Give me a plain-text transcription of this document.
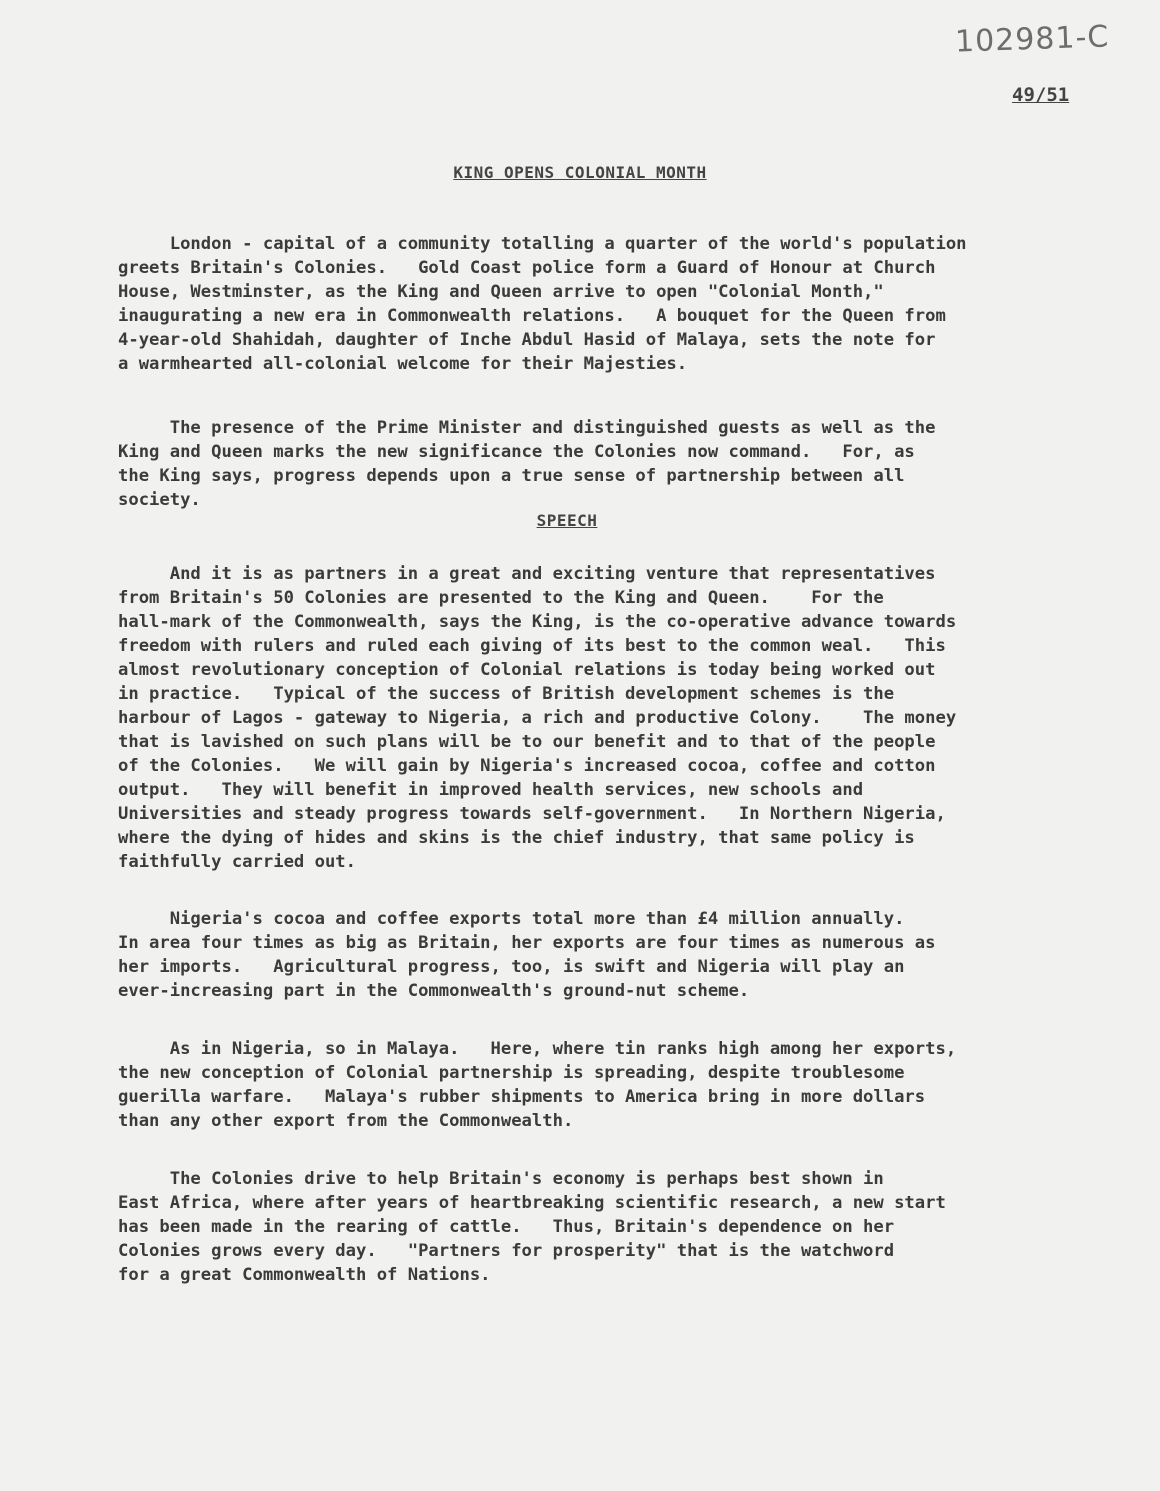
102981-C
49/51
KING OPENS COLONIAL MONTH
London - capital of a community totalling a quarter of the world's population
greets Britain's Colonies.   Gold Coast police form a Guard of Honour at Church
House, Westminster, as the King and Queen arrive to open "Colonial Month,"
inaugurating a new era in Commonwealth relations.   A bouquet for the Queen from
4-year-old Shahidah, daughter of Inche Abdul Hasid of Malaya, sets the note for
a warmhearted all-colonial welcome for their Majesties.
The presence of the Prime Minister and distinguished guests as well as the
King and Queen marks the new significance the Colonies now command.   For, as
the King says, progress depends upon a true sense of partnership between all
society.
SPEECH
And it is as partners in a great and exciting venture that representatives
from Britain's 50 Colonies are presented to the King and Queen.    For the
hall-mark of the Commonwealth, says the King, is the co-operative advance towards
freedom with rulers and ruled each giving of its best to the common weal.   This
almost revolutionary conception of Colonial relations is today being worked out
in practice.   Typical of the success of British development schemes is the
harbour of Lagos - gateway to Nigeria, a rich and productive Colony.    The money
that is lavished on such plans will be to our benefit and to that of the people
of the Colonies.   We will gain by Nigeria's increased cocoa, coffee and cotton
output.   They will benefit in improved health services, new schools and
Universities and steady progress towards self-government.   In Northern Nigeria,
where the dying of hides and skins is the chief industry, that same policy is
faithfully carried out.
Nigeria's cocoa and coffee exports total more than £4 million annually.
In area four times as big as Britain, her exports are four times as numerous as
her imports.   Agricultural progress, too, is swift and Nigeria will play an
ever-increasing part in the Commonwealth's ground-nut scheme.
As in Nigeria, so in Malaya.   Here, where tin ranks high among her exports,
the new conception of Colonial partnership is spreading, despite troublesome
guerilla warfare.   Malaya's rubber shipments to America bring in more dollars
than any other export from the Commonwealth.
The Colonies drive to help Britain's economy is perhaps best shown in
East Africa, where after years of heartbreaking scientific research, a new start
has been made in the rearing of cattle.   Thus, Britain's dependence on her
Colonies grows every day.   "Partners for prosperity" that is the watchword
for a great Commonwealth of Nations.
